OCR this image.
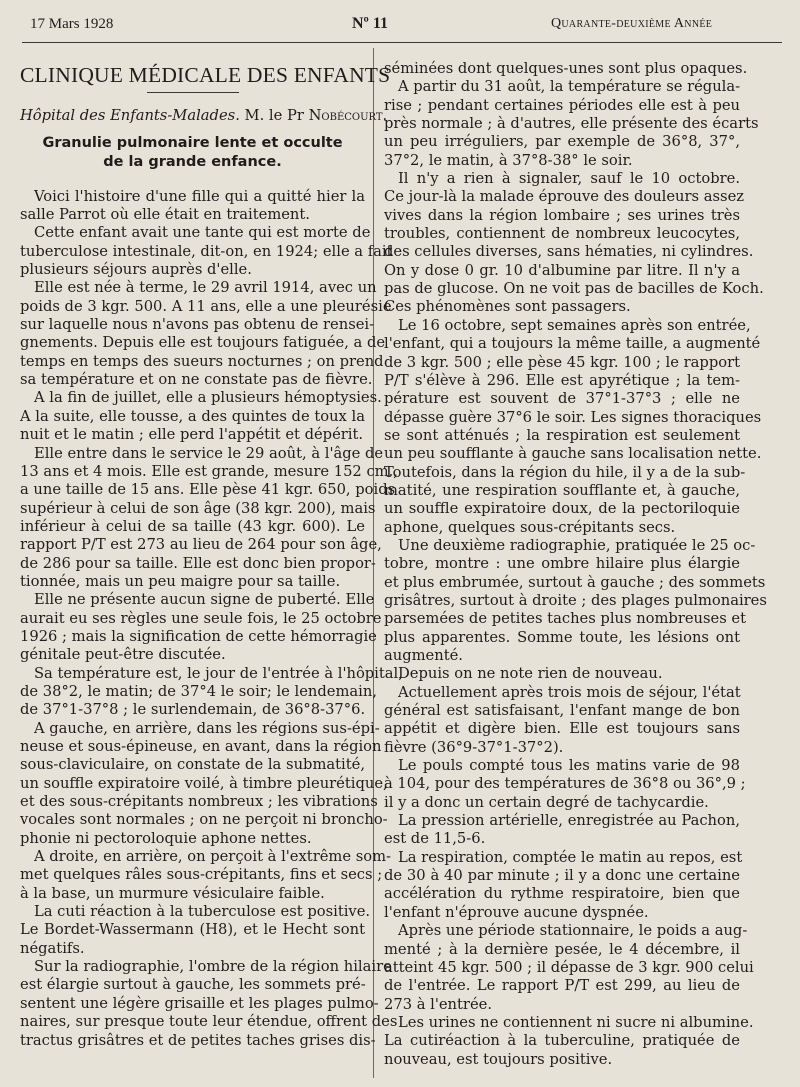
17 Mars 1928	Nº 11	Quarante-deuxième Année
CLINIQUE MÉDICALE DES ENFANTS
Hôpital des Enfants-Malades. M. le Pr Nobécourt.
Granulie pulmonaire lente et occulte
de la grande enfance.
Voici l'histoire d'une fille qui a quitté hier la
salle Parrot où elle était en traitement.
Cette enfant avait une tante qui est morte de
tuberculose intestinale, dit-on, en 1924; elle a fait
plusieurs séjours auprès d'elle.
Elle est née à terme, le 29 avril 1914, avec un
poids de 3 kgr. 500. A 11 ans, elle a une pleurésie
sur laquelle nous n'avons pas obtenu de rensei-
gnements. Depuis elle est toujours fatiguée, a de
temps en temps des sueurs nocturnes ; on prend
sa température et on ne constate pas de fièvre.
A la fin de juillet, elle a plusieurs hémoptysies.
A la suite, elle tousse, a des quintes de toux la
nuit et le matin ; elle perd l'appétit et dépérit.
Elle entre dans le service le 29 août, à l'âge de
13 ans et 4 mois. Elle est grande, mesure 152 cm.,
a une taille de 15 ans. Elle pèse 41 kgr. 650, poids
supérieur à celui de son âge (38 kgr. 200), mais
inférieur à celui de sa taille (43 kgr. 600). Le
rapport P/T est 273 au lieu de 264 pour son âge,
de 286 pour sa taille. Elle est donc bien propor-
tionnée, mais un peu maigre pour sa taille.
Elle ne présente aucun signe de puberté. Elle
aurait eu ses règles une seule fois, le 25 octobre
1926 ; mais la signification de cette hémorragie
génitale peut-être discutée.
Sa température est, le jour de l'entrée à l'hôpital,
de 38°2, le matin; de 37°4 le soir; le lendemain,
de 37°1-37°8 ; le surlendemain, de 36°8-37°6.
A gauche, en arrière, dans les régions sus-épi-
neuse et sous-épineuse, en avant, dans la région
sous-claviculaire, on constate de la submatité,
un souffle expiratoire voilé, à timbre pleurétique,
et des sous-crépitants nombreux ; les vibrations
vocales sont normales ; on ne perçoit ni broncho-
phonie ni pectoroloquie aphone nettes.
A droite, en arrière, on perçoit à l'extrême som-
met quelques râles sous-crépitants, fins et secs ;
à la base, un murmure vésiculaire faible.
La cuti réaction à la tuberculose est positive.
Le Bordet-Wassermann (H8), et le Hecht sont
négatifs.
Sur la radiographie, l'ombre de la région hilaire
est élargie surtout à gauche, les sommets pré-
sentent une légère grisaille et les plages pulmo-
naires, sur presque toute leur étendue, offrent des
tractus grisâtres et de petites taches grises dis-
séminées dont quelques-unes sont plus opaques.
A partir du 31 août, la température se régula-
rise ; pendant certaines périodes elle est à peu
près normale ; à d'autres, elle présente des écarts
un peu irréguliers, par exemple de 36°8, 37°,
37°2, le matin, à 37°8-38° le soir.
Il n'y a rien à signaler, sauf le 10 octobre.
Ce jour-là la malade éprouve des douleurs assez
vives dans la région lombaire ; ses urines très
troubles, contiennent de nombreux leucocytes,
des cellules diverses, sans hématies, ni cylindres.
On y dose 0 gr. 10 d'albumine par litre. Il n'y a
pas de glucose. On ne voit pas de bacilles de Koch.
Ces phénomènes sont passagers.
Le 16 octobre, sept semaines après son entrée,
l'enfant, qui a toujours la même taille, a augmenté
de 3 kgr. 500 ; elle pèse 45 kgr. 100 ; le rapport
P/T s'élève à 296. Elle est apyrétique ; la tem-
pérature est souvent de 37°1-37°3 ; elle ne
dépasse guère 37°6 le soir. Les signes thoraciques
se sont atténués ; la respiration est seulement
un peu soufflante à gauche sans localisation nette.
Toutefois, dans la région du hile, il y a de la sub-
matité, une respiration soufflante et, à gauche,
un souffle expiratoire doux, de la pectoriloquie
aphone, quelques sous-crépitants secs.
Une deuxième radiographie, pratiquée le 25 oc-
tobre, montre : une ombre hilaire plus élargie
et plus embrumée, surtout à gauche ; des sommets
grisâtres, surtout à droite ; des plages pulmonaires
parsemées de petites taches plus nombreuses et
plus apparentes. Somme toute, les lésions ont
augmenté.
Depuis on ne note rien de nouveau.
Actuellement après trois mois de séjour, l'état
général est satisfaisant, l'enfant mange de bon
appétit et digère bien. Elle est toujours sans
fièvre (36°9-37°1-37°2).
Le pouls compté tous les matins varie de 98
à 104, pour des températures de 36°8 ou 36°,9 ;
il y a donc un certain degré de tachycardie.
La pression artérielle, enregistrée au Pachon,
est de 11,5-6.
La respiration, comptée le matin au repos, est
de 30 à 40 par minute ; il y a donc une certaine
accélération du rythme respiratoire, bien que
l'enfant n'éprouve aucune dyspnée.
Après une période stationnaire, le poids a aug-
menté ; à la dernière pesée, le 4 décembre, il
atteint 45 kgr. 500 ; il dépasse de 3 kgr. 900 celui
de l'entrée. Le rapport P/T est 299, au lieu de
273 à l'entrée.
Les urines ne contiennent ni sucre ni albumine.
La cutiréaction à la tuberculine, pratiquée de
nouveau, est toujours positive.
